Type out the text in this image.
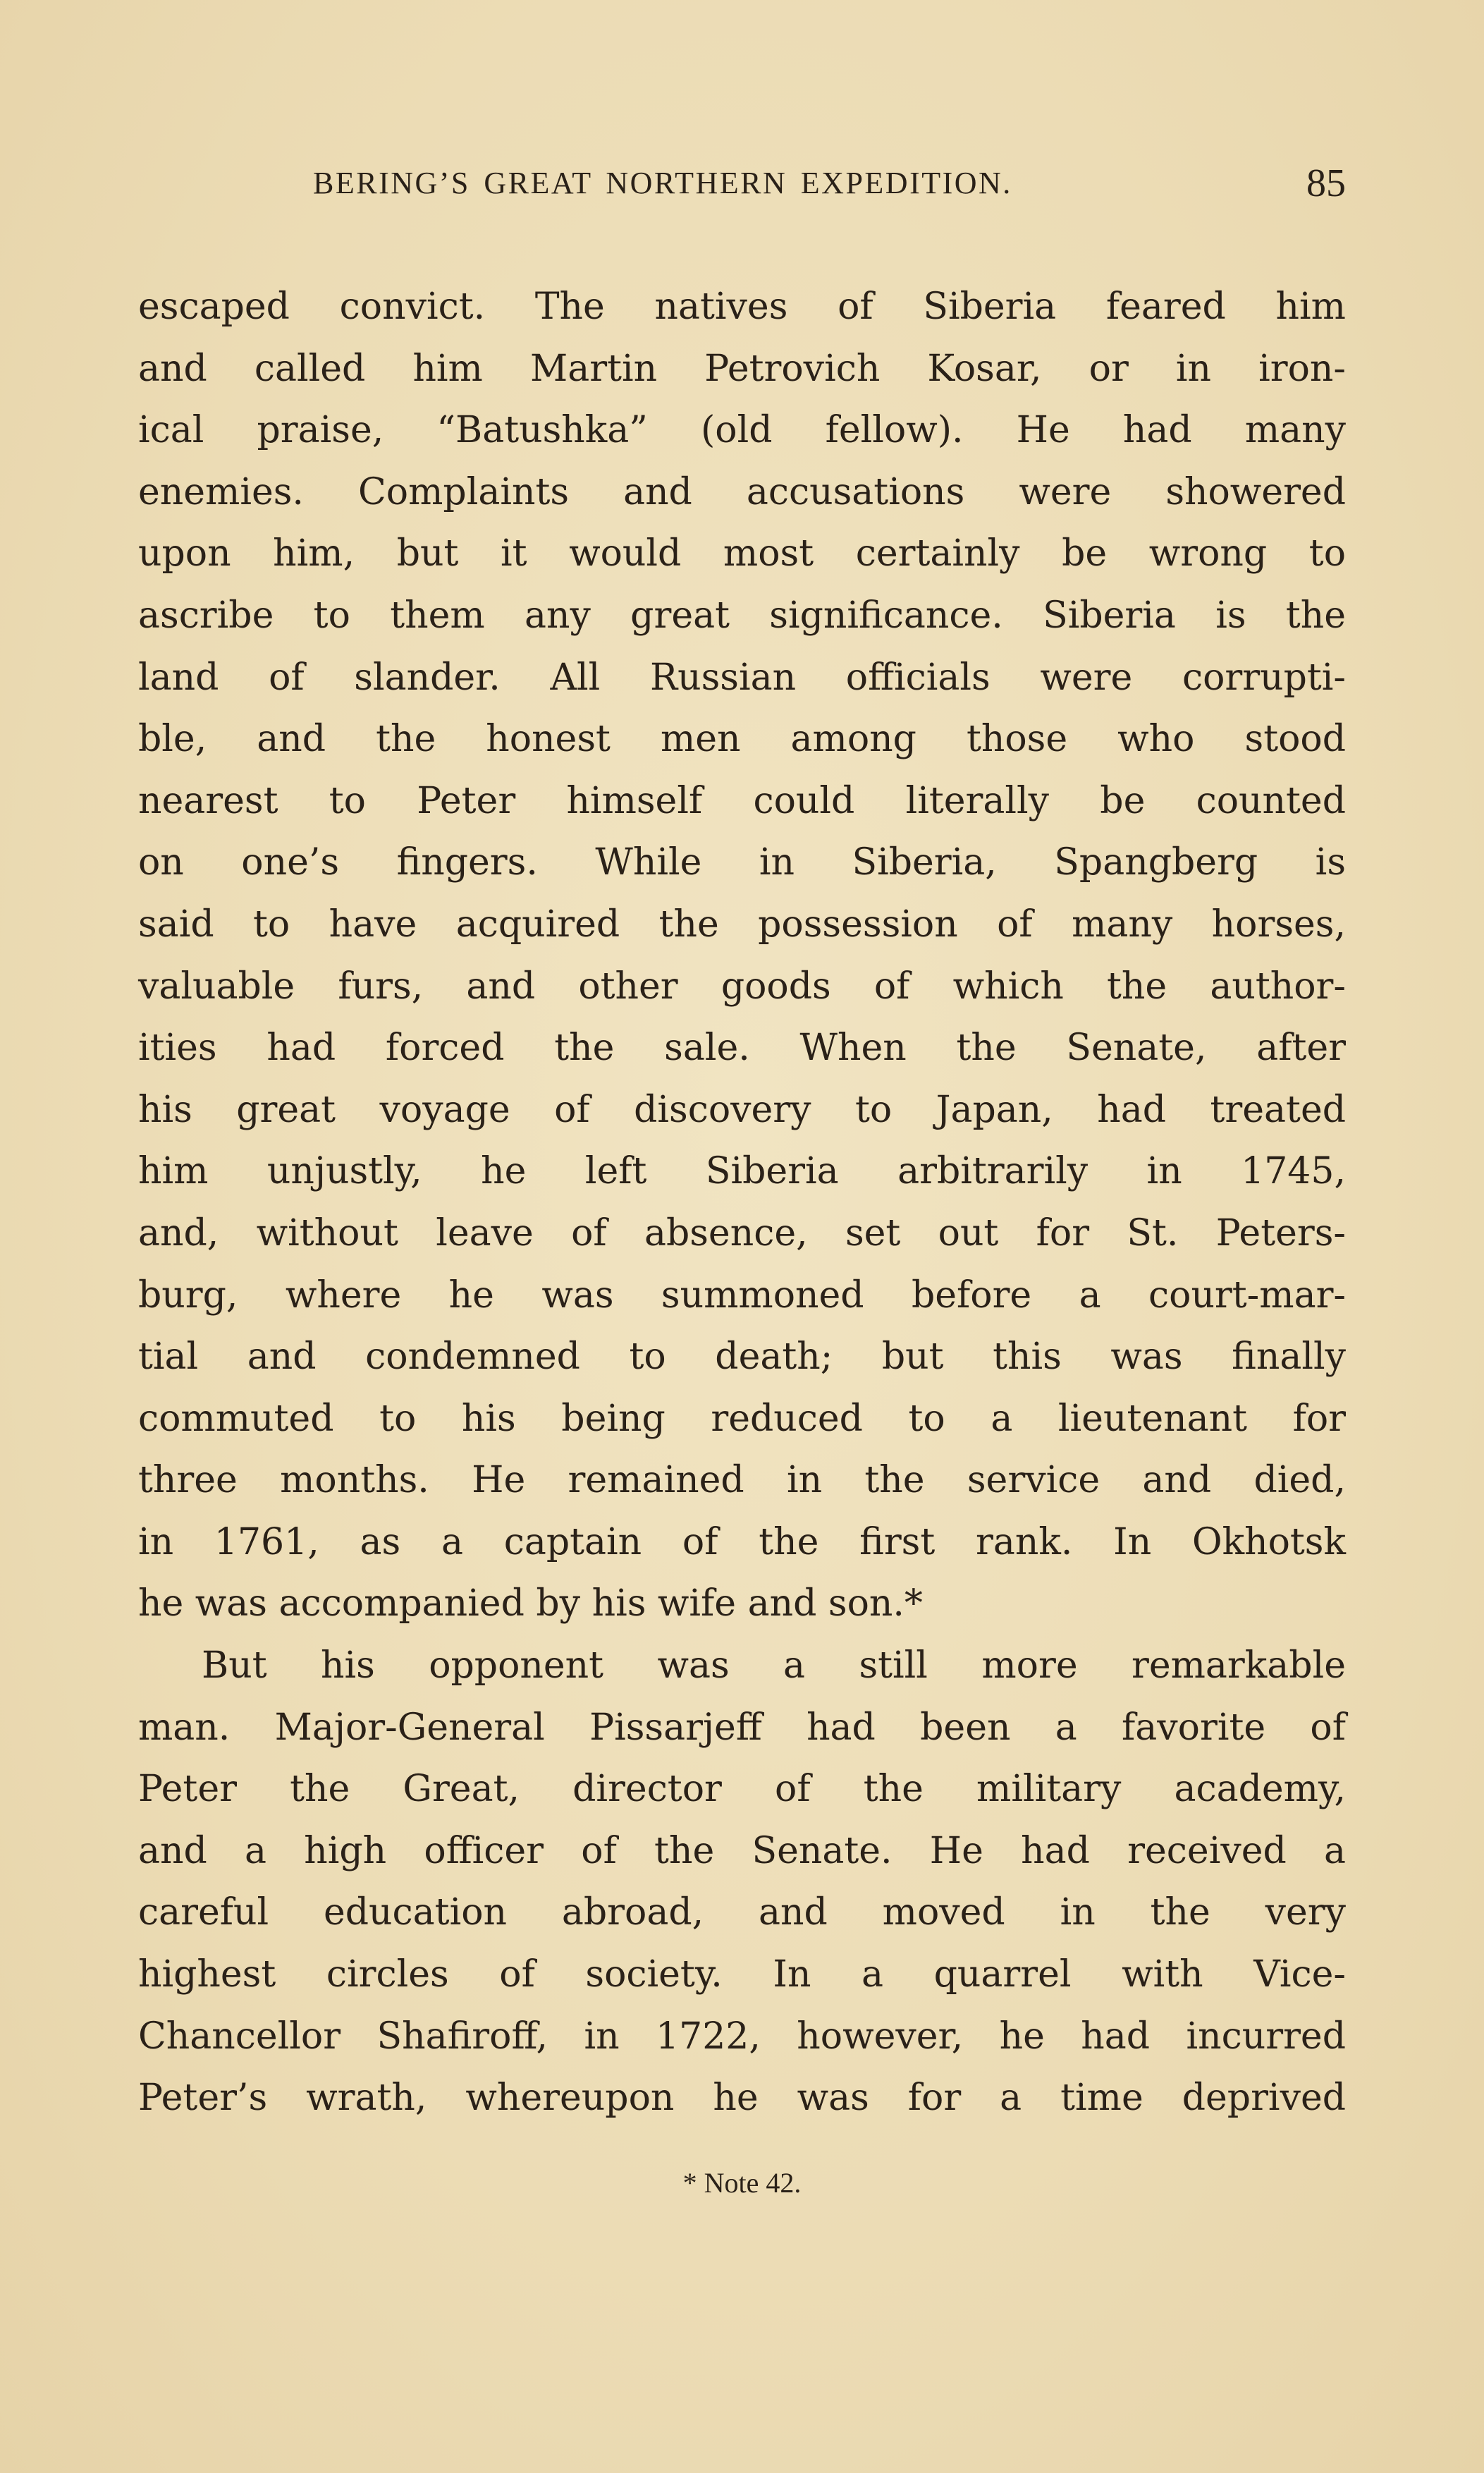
BERING’S GREAT NORTHERN EXPEDITION.	85
escaped convict. The natives of Siberia feared him
and called him Martin Petrovich Kosar, or in iron-
ical praise, “Batushka” (old fellow). He had many
enemies. Complaints and accusations were showered
upon him, but it would most certainly be wrong to
ascribe to them any great significance. Siberia is the
land of slander. All Russian officials were corrupti-
ble, and the honest men among those who stood
nearest to Peter himself could literally be counted
on one’s fingers. While in Siberia, Spangberg is
said to have acquired the possession of many horses,
valuable furs, and other goods of which the author-
ities had forced the sale. When the Senate, after
his great voyage of discovery to Japan, had treated
him unjustly, he left Siberia arbitrarily in 1745,
and, without leave of absence, set out for St. Peters-
burg, where he was summoned before a court-mar-
tial and condemned to death; but this was finally
commuted to his being reduced to a lieutenant for
three months. He remained in the service and died,
in 1761, as a captain of the first rank. In Okhotsk
he was accompanied by his wife and son.*
But his opponent was a still more remarkable
man. Major-General Pissarjeff had been a favorite of
Peter the Great, director of the military academy,
and a high officer of the Senate. He had received a
careful education abroad, and moved in the very
highest circles of society. In a quarrel with Vice-
Chancellor Shafiroff, in 1722, however, he had incurred
Peter’s wrath, whereupon he was for a time deprived
* Note 42.
